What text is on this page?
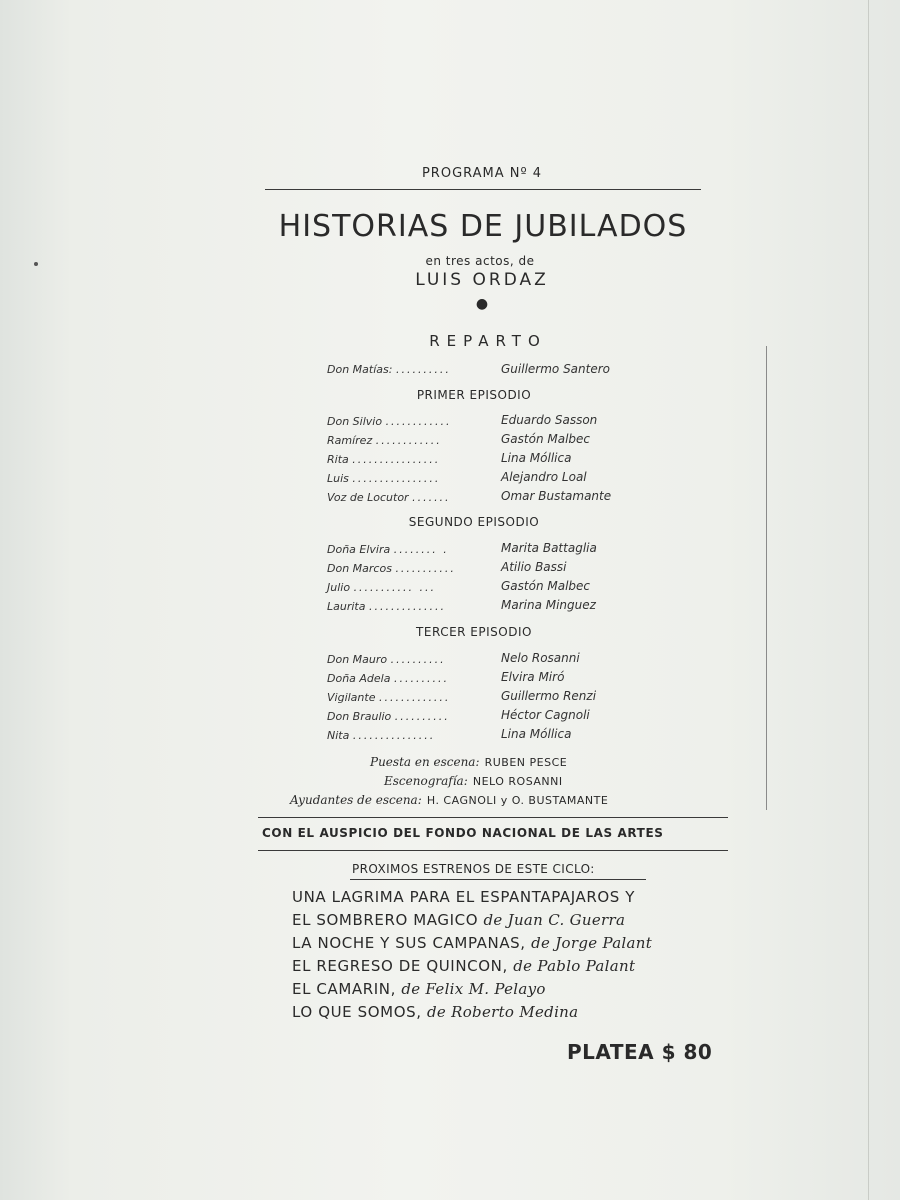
PROGRAMA Nº 4
HISTORIAS DE JUBILADOS
en tres actos, de
LUIS ORDAZ
●
REPARTO
Don Matías: ..........	Guillermo Santero
PRIMER EPISODIO
Don Silvio ............	Eduardo Sasson
Ramírez ............	Gastón Malbec
Rita ................	Lina Móllica
Luis ................	Alejandro Loal
Voz de Locutor .......	Omar Bustamante
SEGUNDO EPISODIO
Doña Elvira ........ .	Marita Battaglia
Don Marcos ...........	Atilio Bassi
Julio ........... ...	Gastón Malbec
Laurita ..............	Marina Minguez
TERCER EPISODIO
Don Mauro ..........	Nelo Rosanni
Doña Adela ..........	Elvira Miró
Vigilante .............	Guillermo Renzi
Don Braulio ..........	Héctor Cagnoli
Nita ...............	Lina Móllica
Puesta en escena: RUBEN PESCE
Escenografía: NELO ROSANNI
Ayudantes de escena: H. CAGNOLI y O. BUSTAMANTE
CON EL AUSPICIO DEL FONDO NACIONAL DE LAS ARTES
PROXIMOS ESTRENOS DE ESTE CICLO:
UNA LAGRIMA PARA EL ESPANTAPAJAROS Y
EL SOMBRERO MAGICO de Juan C. Guerra
LA NOCHE Y SUS CAMPANAS, de Jorge Palant
EL REGRESO DE QUINCON, de Pablo Palant
EL CAMARIN, de Felix M. Pelayo
LO QUE SOMOS, de Roberto Medina
PLATEA $ 80
